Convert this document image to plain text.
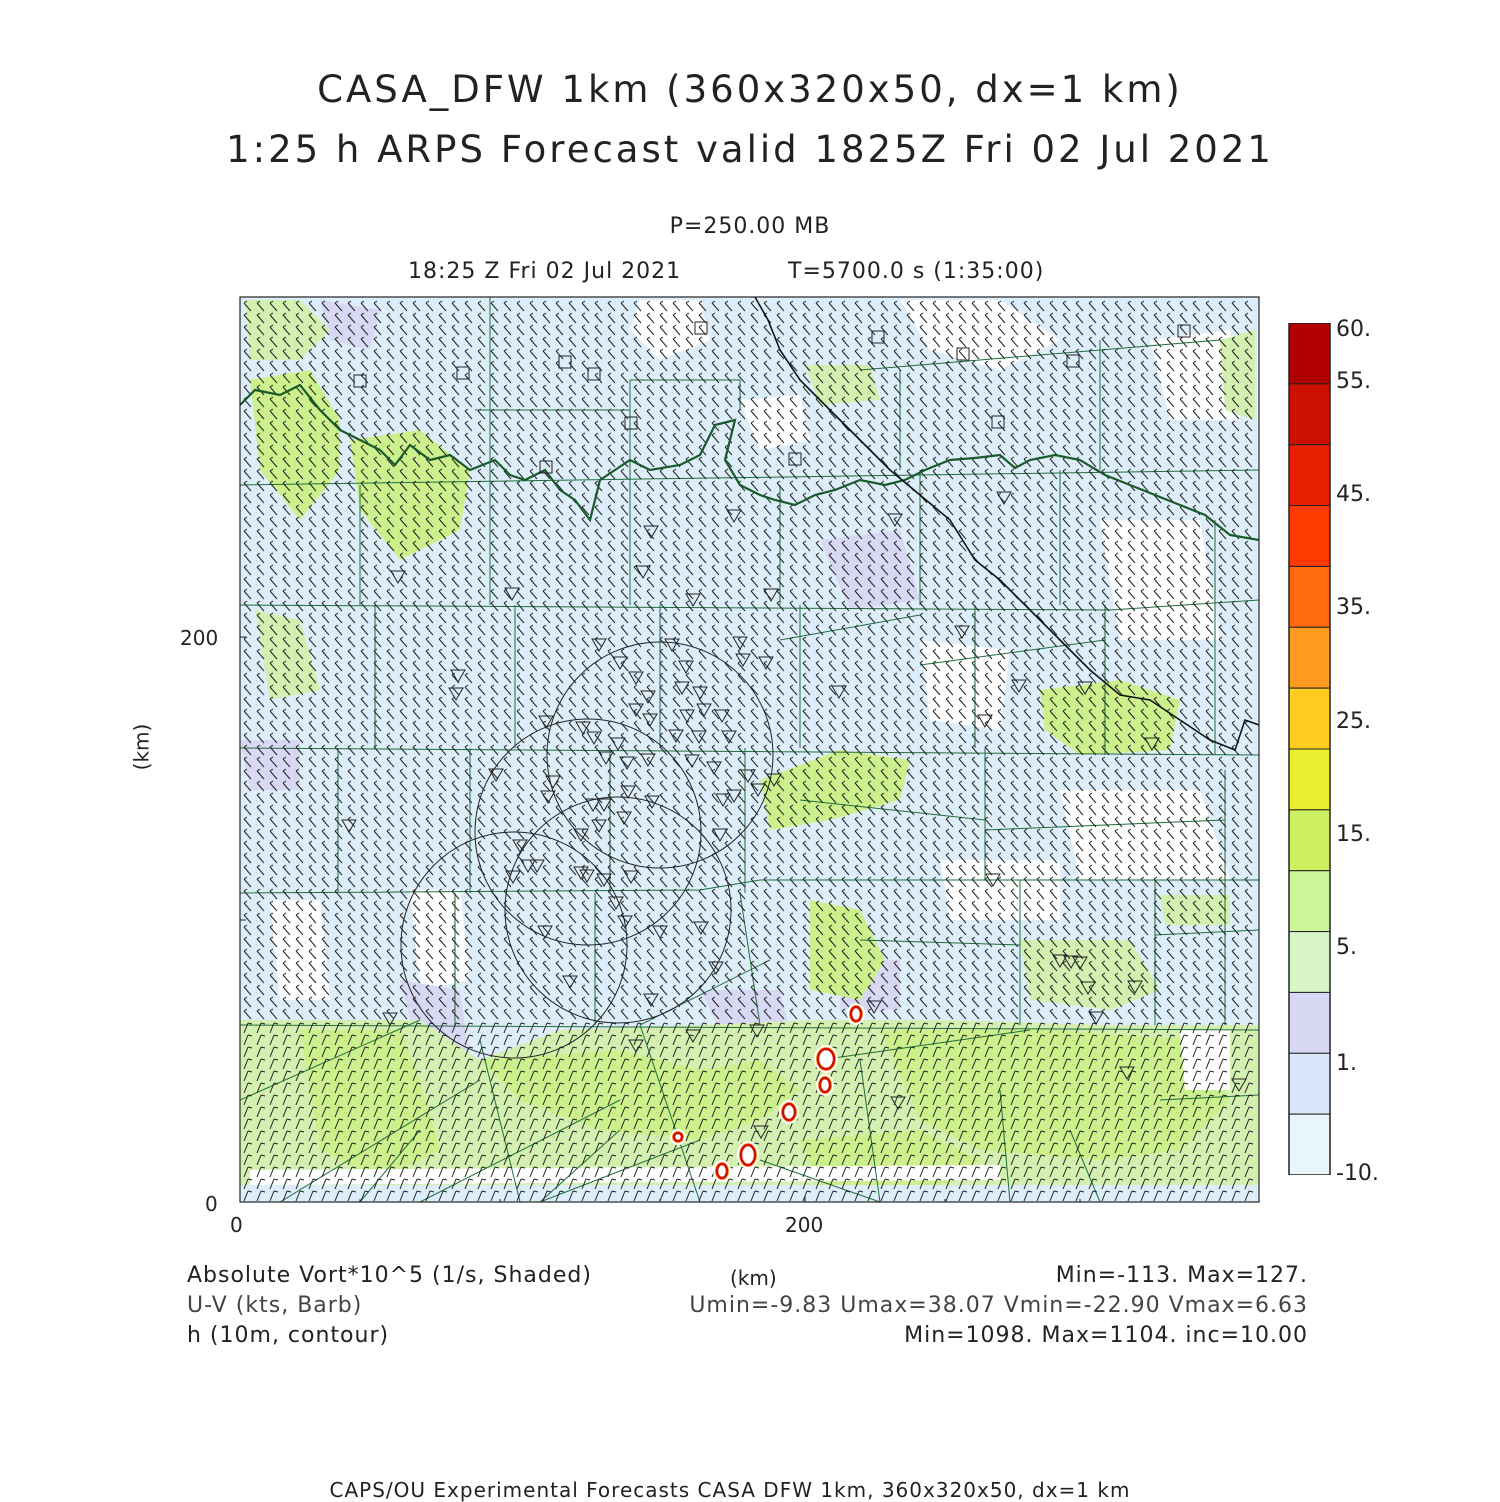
CASA_DFW 1km (360x320x50, dx=1 km)
1:25 h ARPS Forecast valid 1825Z Fri 02 Jul 2021
P=250.00 MB
18:25 Z Fri 02 Jul 2021	T=5700.0 s (1:35:00)
0	200
0
200
(km)
(km)
60.
55.
45.
35.
25.
15.
5.
1.
-10.
Absolute Vort*10^5 (1/s, Shaded)	Min=-113. Max=127.
U-V (kts, Barb)	Umin=-9.83 Umax=38.07 Vmin=-22.90 Vmax=6.63
h (10m, contour)	Min=1098. Max=1104. inc=10.00
CAPS/OU Experimental Forecasts CASA DFW 1km, 360x320x50, dx=1 km
